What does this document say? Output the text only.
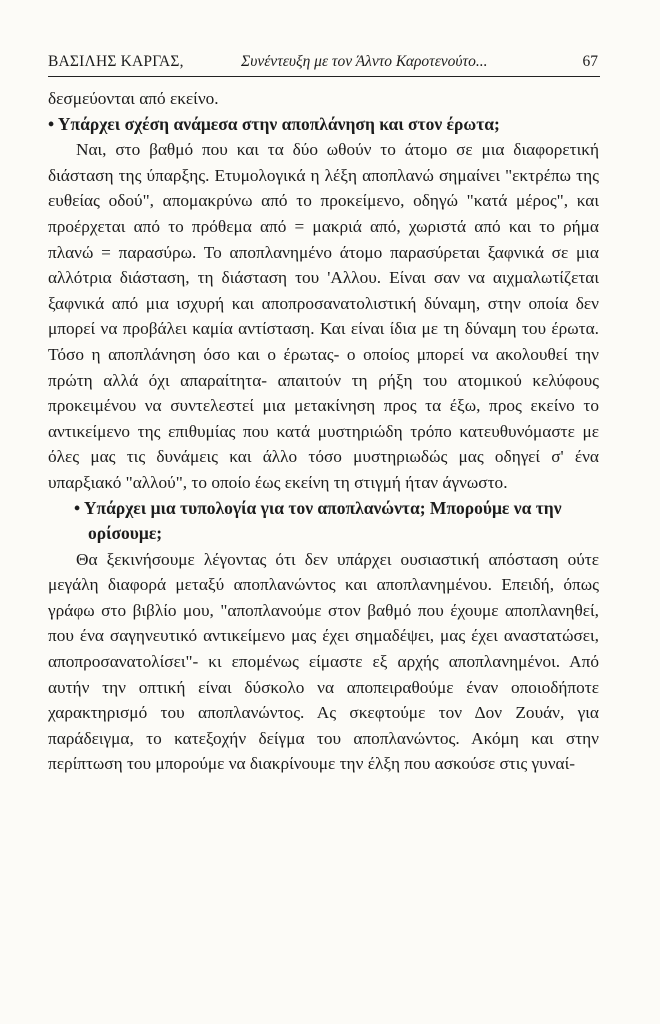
ΒΑΣΙΛΗΣ ΚΑΡΓΑΣ,	Συνέντευξη με τον Άλντο Καροτενούτο...	67

δεσμεύονται από εκείνο.

• Υπάρχει σχέση ανάμεσα στην αποπλάνηση και στον έρωτα;

Ναι, στο βαθμό που και τα δύο ωθούν το άτομο σε μια διαφορετική διάσταση της ύπαρξης. Ετυμολογικά η λέξη αποπλανώ σημαίνει "εκτρέπω της ευθείας οδού", απομακρύνω από το προκείμενο, οδηγώ "κατά μέρος", και προέρχεται από το πρόθεμα από = μακριά από, χωριστά από και το ρήμα πλανώ = παρασύρω. Το αποπλανημένο άτομο παρασύρεται ξαφνικά σε μια αλλότρια διάσταση, τη διάσταση του 'Αλλου. Είναι σαν να αιχμαλωτίζεται ξαφνικά από μια ισχυρή και αποπροσανατολιστική δύναμη, στην οποία δεν μπορεί να προβάλει καμία αντίσταση. Και είναι ίδια με τη δύναμη του έρωτα. Τόσο η αποπλάνηση όσο και ο έρωτας- ο οποίος μπορεί να ακολουθεί την πρώτη αλλά όχι απαραίτητα- απαιτούν τη ρήξη του ατομικού κελύφους προκειμένου να συντελεστεί μια μετακίνηση προς τα έξω, προς εκείνο το αντικείμενο της επιθυμίας που κατά μυστηριώδη τρόπο κατευθυνόμαστε με όλες μας τις δυνάμεις και άλλο τόσο μυστηριωδώς μας οδηγεί σ' ένα υπαρξιακό "αλλού", το οποίο έως εκείνη τη στιγμή ήταν άγνωστο.

• Υπάρχει μια τυπολογία για τον αποπλανώντα; Μπορούμε να την ορίσουμε;

Θα ξεκινήσουμε λέγοντας ότι δεν υπάρχει ουσιαστική απόσταση ούτε μεγάλη διαφορά μεταξύ αποπλανώντος και αποπλανημένου. Επειδή, όπως γράφω στο βιβλίο μου, "αποπλανούμε στον βαθμό που έχουμε αποπλανηθεί, που ένα σαγηνευτικό αντικείμενο μας έχει σημαδέψει, μας έχει αναστατώσει, αποπροσανατολίσει"- κι επομένως είμαστε εξ αρχής αποπλανημένοι. Από αυτήν την οπτική είναι δύσκολο να αποπειραθούμε έναν οποιοδήποτε χαρακτηρισμό του αποπλανώντος. Ας σκεφτούμε τον Δον Ζουάν, για παράδειγμα, το κατεξοχήν δείγμα του αποπλανώντος. Ακόμη και στην περίπτωση του μπορούμε να διακρίνουμε την έλξη που ασκούσε στις γυναί-
